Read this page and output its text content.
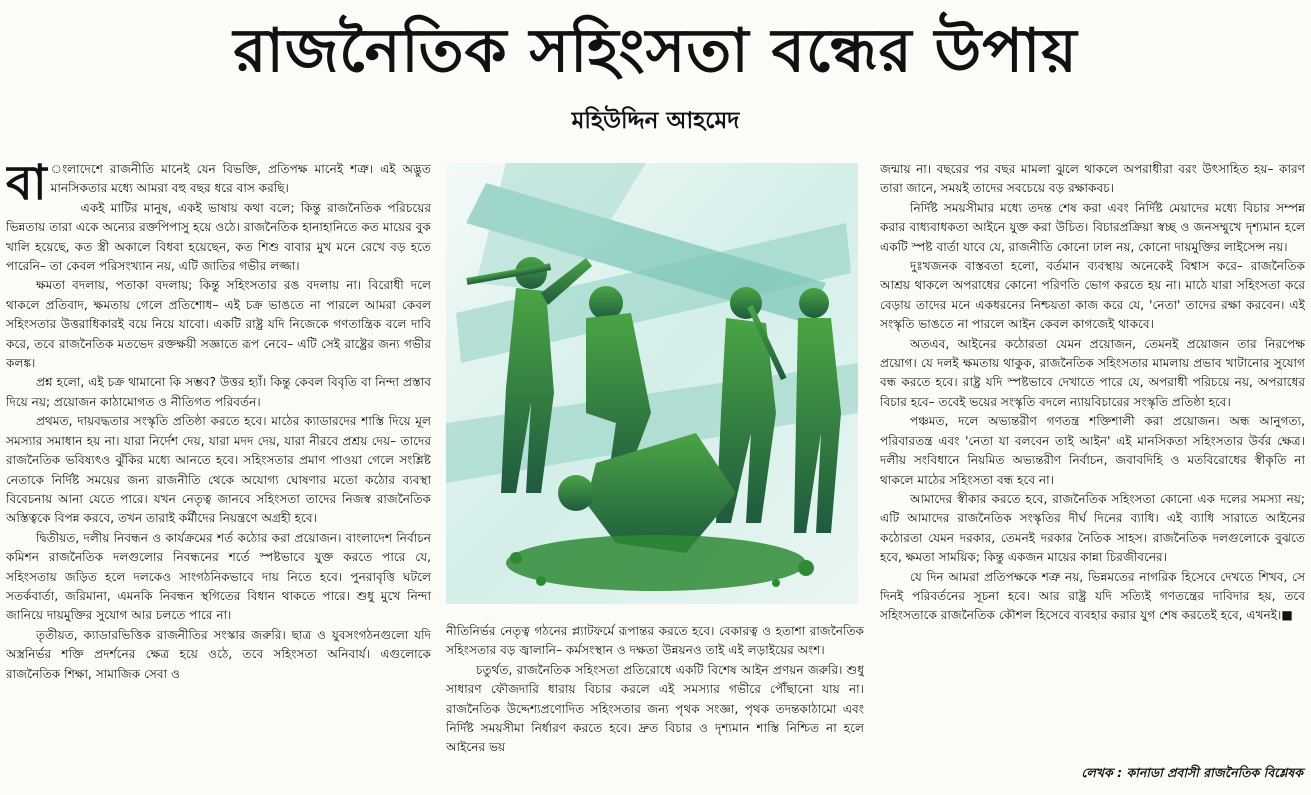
রাজনৈতিক সহিংসতা বন্ধের উপায়
মহিউদ্দিন আহমেদ

বা ংলাদেশে রাজনীতি মানেই যেন বিভক্তি, প্রতিপক্ষ মানেই শত্রু। এই অদ্ভুত মানসিকতার মধ্যে আমরা বহু বছর ধরে বাস করছি।

একই মাটির মানুষ, একই ভাষায় কথা বলে; কিন্তু রাজনৈতিক পরিচয়ের ভিন্নতায় তারা একে অন্যের রক্তপিপাসু হয়ে ওঠে। রাজনৈতিক হানাহানিতে কত মায়ের বুক খালি হয়েছে, কত স্ত্রী অকালে বিধবা হয়েছেন, কত শিশু বাবার মুখ মনে রেখে বড় হতে পারেনি– তা কেবল পরিসংখ্যান নয়, এটি জাতির গভীর লজ্জা।

ক্ষমতা বদলায়, পতাকা বদলায়; কিন্তু সহিংসতার রঙ বদলায় না। বিরোধী দলে থাকলে প্রতিবাদ, ক্ষমতায় গেলে প্রতিশোধ– এই চক্র ভাঙতে না পারলে আমরা কেবল সহিংসতার উত্তরাধিকারই বয়ে নিয়ে যাবো। একটি রাষ্ট্র যদি নিজেকে গণতান্ত্রিক বলে দাবি করে, তবে রাজনৈতিক মতভেদ রক্তক্ষয়ী সজ্ঞাতে রূপ নেবে– এটি সেই রাষ্ট্রের জন্য গভীর কলঙ্ক।

প্রশ্ন হলো, এই চক্র থামানো কি সম্ভব? উত্তর হ্যাঁ। কিন্তু কেবল বিবৃতি বা নিন্দা প্রস্তাব দিয়ে নয়; প্রয়োজন কাঠামোগত ও নীতিগত পরিবর্তন।

প্রথমত, দায়বদ্ধতার সংস্কৃতি প্রতিষ্ঠা করতে হবে। মাঠের ক্যাডারদের শাস্তি দিয়ে মূল সমস্যার সমাধান হয় না। যারা নির্দেশ দেয়, যারা মদদ দেয়, যারা নীরবে প্রশ্রয় দেয়– তাদের রাজনৈতিক ভবিষ্যৎও ঝুঁকির মধ্যে আনতে হবে। সহিংসতার প্রমাণ পাওয়া গেলে সংশ্লিষ্ট নেতাকে নির্দিষ্ট সময়ের জন্য রাজনীতি থেকে অযোগ্য ঘোষণার মতো কঠোর ব্যবস্থা বিবেচনায় আনা যেতে পারে। যখন নেতৃত্ব জানবে সহিংসতা তাদের নিজস্ব রাজনৈতিক অস্তিত্বকে বিপন্ন করবে, তখন তারাই কর্মীদের নিয়ন্ত্রণে অগ্রহী হবে।

দ্বিতীয়ত, দলীয় নিবন্ধন ও কার্যক্রমের শর্ত কঠোর করা প্রয়োজন। বাংলাদেশ নির্বাচন কমিশন রাজনৈতিক দলগুলোর নিবন্ধনের শর্তে স্পষ্টভাবে যুক্ত করতে পারে যে, সহিংসতায় জড়িত হলে দলকেও সাংগঠনিকভাবে দায় নিতে হবে। পুনরাবৃত্তি ঘটলে সতর্কবার্তা, জরিমানা, এমনকি নিবন্ধন স্থগিতের বিধান থাকতে পারে। শুধু মুখে নিন্দা জানিয়ে দায়মুক্তির সুযোগ আর চলতে পারে না।

তৃতীয়ত, ক্যাডারভিত্তিক রাজনীতির সংস্কার জরুরি। ছাত্র ও যুবসংগঠনগুলো যদি অস্ত্রনির্ভর শক্তি প্রদর্শনের ক্ষেত্র হয়ে ওঠে, তবে সহিংসতা অনিবার্য। এগুলোকে রাজনৈতিক শিক্ষা, সামাজিক সেবা ও

নীতিনির্ভর নেতৃত্ব গঠনের প্ল্যাটফর্মে রূপান্তর করতে হবে। বেকারত্ব ও হতাশা রাজনৈতিক সহিংসতার বড় জ্বালানি– কর্মসংস্থান ও দক্ষতা উন্নয়নও তাই এই লড়াইয়ের অংশ।

চতুর্থত, রাজনৈতিক সহিংসতা প্রতিরোধে একটি বিশেষ আইন প্রণয়ন জরুরি। শুধু সাধারণ ফৌজদারি ধারায় বিচার করলে এই সমস্যার গভীরে পৌঁছানো যায় না। রাজনৈতিক উদ্দেশ্যপ্রণোদিত সহিংসতার জন্য পৃথক সংজ্ঞা, পৃথক তদন্তকাঠামো এবং নির্দিষ্ট সময়সীমা নির্ধারণ করতে হবে। দ্রুত বিচার ও দৃশ্যমান শাস্তি নিশ্চিত না হলে আইনের ভয়

জন্মায় না। বছরের পর বছর মামলা ঝুলে থাকলে অপরাধীরা বরং উৎসাহিত হয়– কারণ তারা জানে, সময়ই তাদের সবচেয়ে বড় রক্ষাকবচ।

নির্দিষ্ট সময়সীমার মধ্যে তদন্ত শেষ করা এবং নির্দিষ্ট মেয়াদের মধ্যে বিচার সম্পন্ন করার বাধ্যবাধকতা আইনে যুক্ত করা উচিত। বিচারপ্রক্রিয়া স্বচ্ছ ও জনসম্মুখে দৃশ্যমান হলে একটি স্পষ্ট বার্তা যাবে যে, রাজনীতি কোনো ঢাল নয়, কোনো দায়মুক্তির লাইসেন্স নয়।

দুঃখজনক বাস্তবতা হলো, বর্তমান ব্যবস্থায় অনেকেই বিশ্বাস করে– রাজনৈতিক আশ্রয় থাকলে অপরাধের কোনো পরিণতি ভোগ করতে হয় না। মাঠে যারা সহিংসতা করে বেড়ায় তাদের মনে একধরনের নিশ্চয়তা কাজ করে যে, 'নেতা' তাদের রক্ষা করবেন। এই সংস্কৃতি ভাঙতে না পারলে আইন কেবল কাগজেই থাকবে।

অতএব, আইনের কঠোরতা যেমন প্রয়োজন, তেমনই প্রয়োজন তার নিরপেক্ষ প্রয়োগ। যে দলই ক্ষমতায় থাকুক, রাজনৈতিক সহিংসতার মামলায় প্রভাব খাটানোর সুযোগ বন্ধ করতে হবে। রাষ্ট্র যদি স্পষ্টভাবে দেখাতে পারে যে, অপরাধী পরিচয়ে নয়, অপরাধের বিচার হবে– তবেই ভয়ের সংস্কৃতি বদলে ন্যায়বিচারের সংস্কৃতি প্রতিষ্ঠা হবে।

পঞ্চমত, দলে অভ্যন্তরীণ গণতন্ত্র শক্তিশালী করা প্রয়োজন। অন্ধ আনুগত্য, পরিবারতন্ত্র এবং 'নেতা যা বলবেন তাই আইন' এই মানসিকতা সহিংসতার উর্বর ক্ষেত্র। দলীয় সংবিধানে নিয়মিত অভ্যন্তরীণ নির্বাচন, জবাবদিহি ও মতবিরোধের স্বীকৃতি না থাকলে মাঠের সহিংসতা বন্ধ হবে না।

আমাদের স্বীকার করতে হবে, রাজনৈতিক সহিংসতা কোনো এক দলের সমস্যা নয়; এটি আমাদের রাজনৈতিক সংস্কৃতির দীর্ঘ দিনের ব্যাধি। এই ব্যাধি সারাতে আইনের কঠোরতা যেমন দরকার, তেমনই দরকার নৈতিক সাহস। রাজনৈতিক দলগুলোকে বুঝতে হবে, ক্ষমতা সাময়িক; কিন্তু একজন মায়ের কান্না চিরজীবনের।

যে দিন আমরা প্রতিপক্ষকে শত্রু নয়, ভিন্নমতের নাগরিক হিসেবে দেখতে শিখব, সে দিনই পরিবর্তনের সূচনা হবে। আর রাষ্ট্র যদি সত্যিই গণতন্ত্রের দাবিদার হয়, তবে সহিংসতাকে রাজনৈতিক কৌশল হিসেবে ব্যবহার করার যুগ শেষ করতেই হবে, এখনই।■

লেখক : কানাডা প্রবাসী রাজনৈতিক বিশ্লেষক
